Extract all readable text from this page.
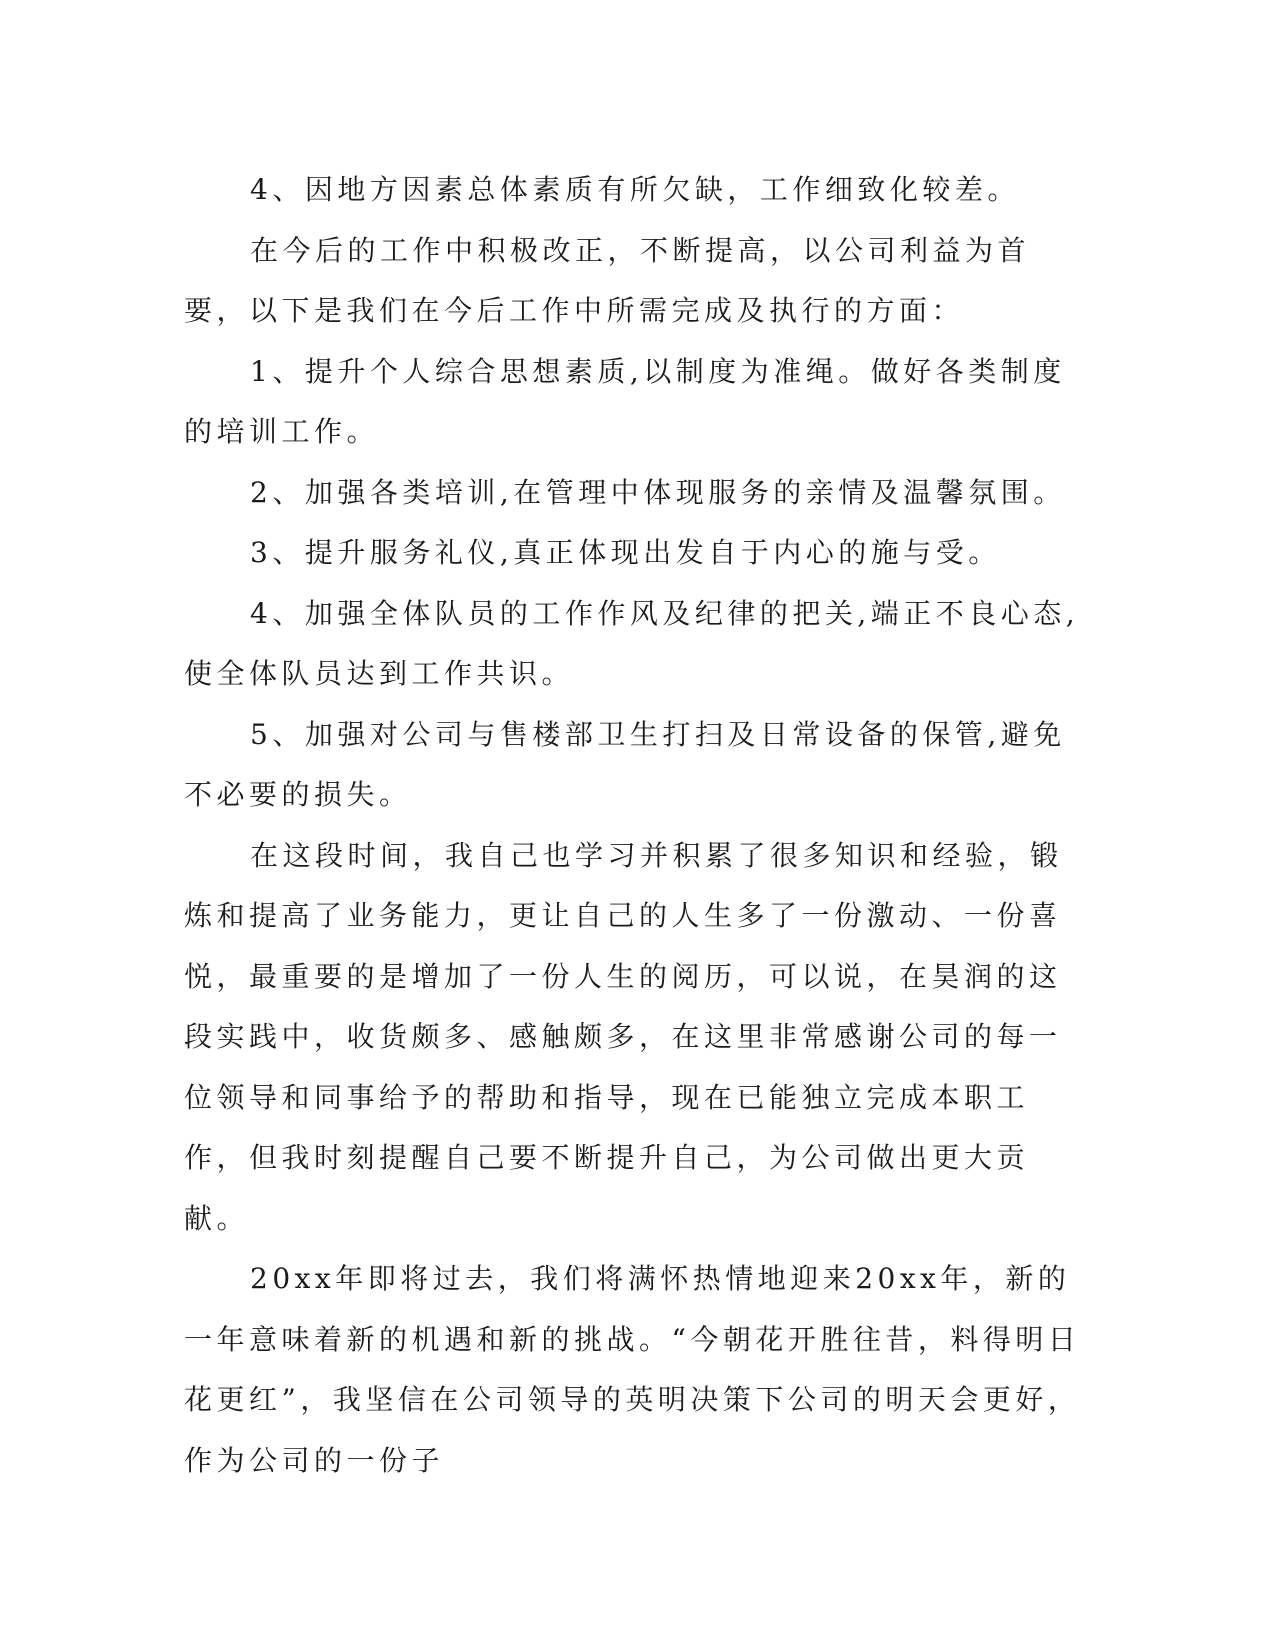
4、因地方因素总体素质有所欠缺，工作细致化较差。

在今后的工作中积极改正，不断提高，以公司利益为首要，以下是我们在今后工作中所需完成及执行的方面：

1、提升个人综合思想素质,以制度为准绳。做好各类制度的培训工作。

2、加强各类培训,在管理中体现服务的亲情及温馨氛围。

3、提升服务礼仪,真正体现出发自于内心的施与受。

4、加强全体队员的工作作风及纪律的把关,端正不良心态,使全体队员达到工作共识。

5、加强对公司与售楼部卫生打扫及日常设备的保管,避免不必要的损失。

在这段时间，我自己也学习并积累了很多知识和经验，锻炼和提高了业务能力，更让自己的人生多了一份激动、一份喜悦，最重要的是增加了一份人生的阅历，可以说，在昊润的这段实践中，收货颇多、感触颇多，在这里非常感谢公司的每一位领导和同事给予的帮助和指导，现在已能独立完成本职工作，但我时刻提醒自己要不断提升自己，为公司做出更大贡献。

20xx年即将过去，我们将满怀热情地迎来20xx年，新的一年意味着新的机遇和新的挑战。“今朝花开胜往昔，料得明日花更红”，我坚信在公司领导的英明决策下公司的明天会更好，作为公司的一份子
